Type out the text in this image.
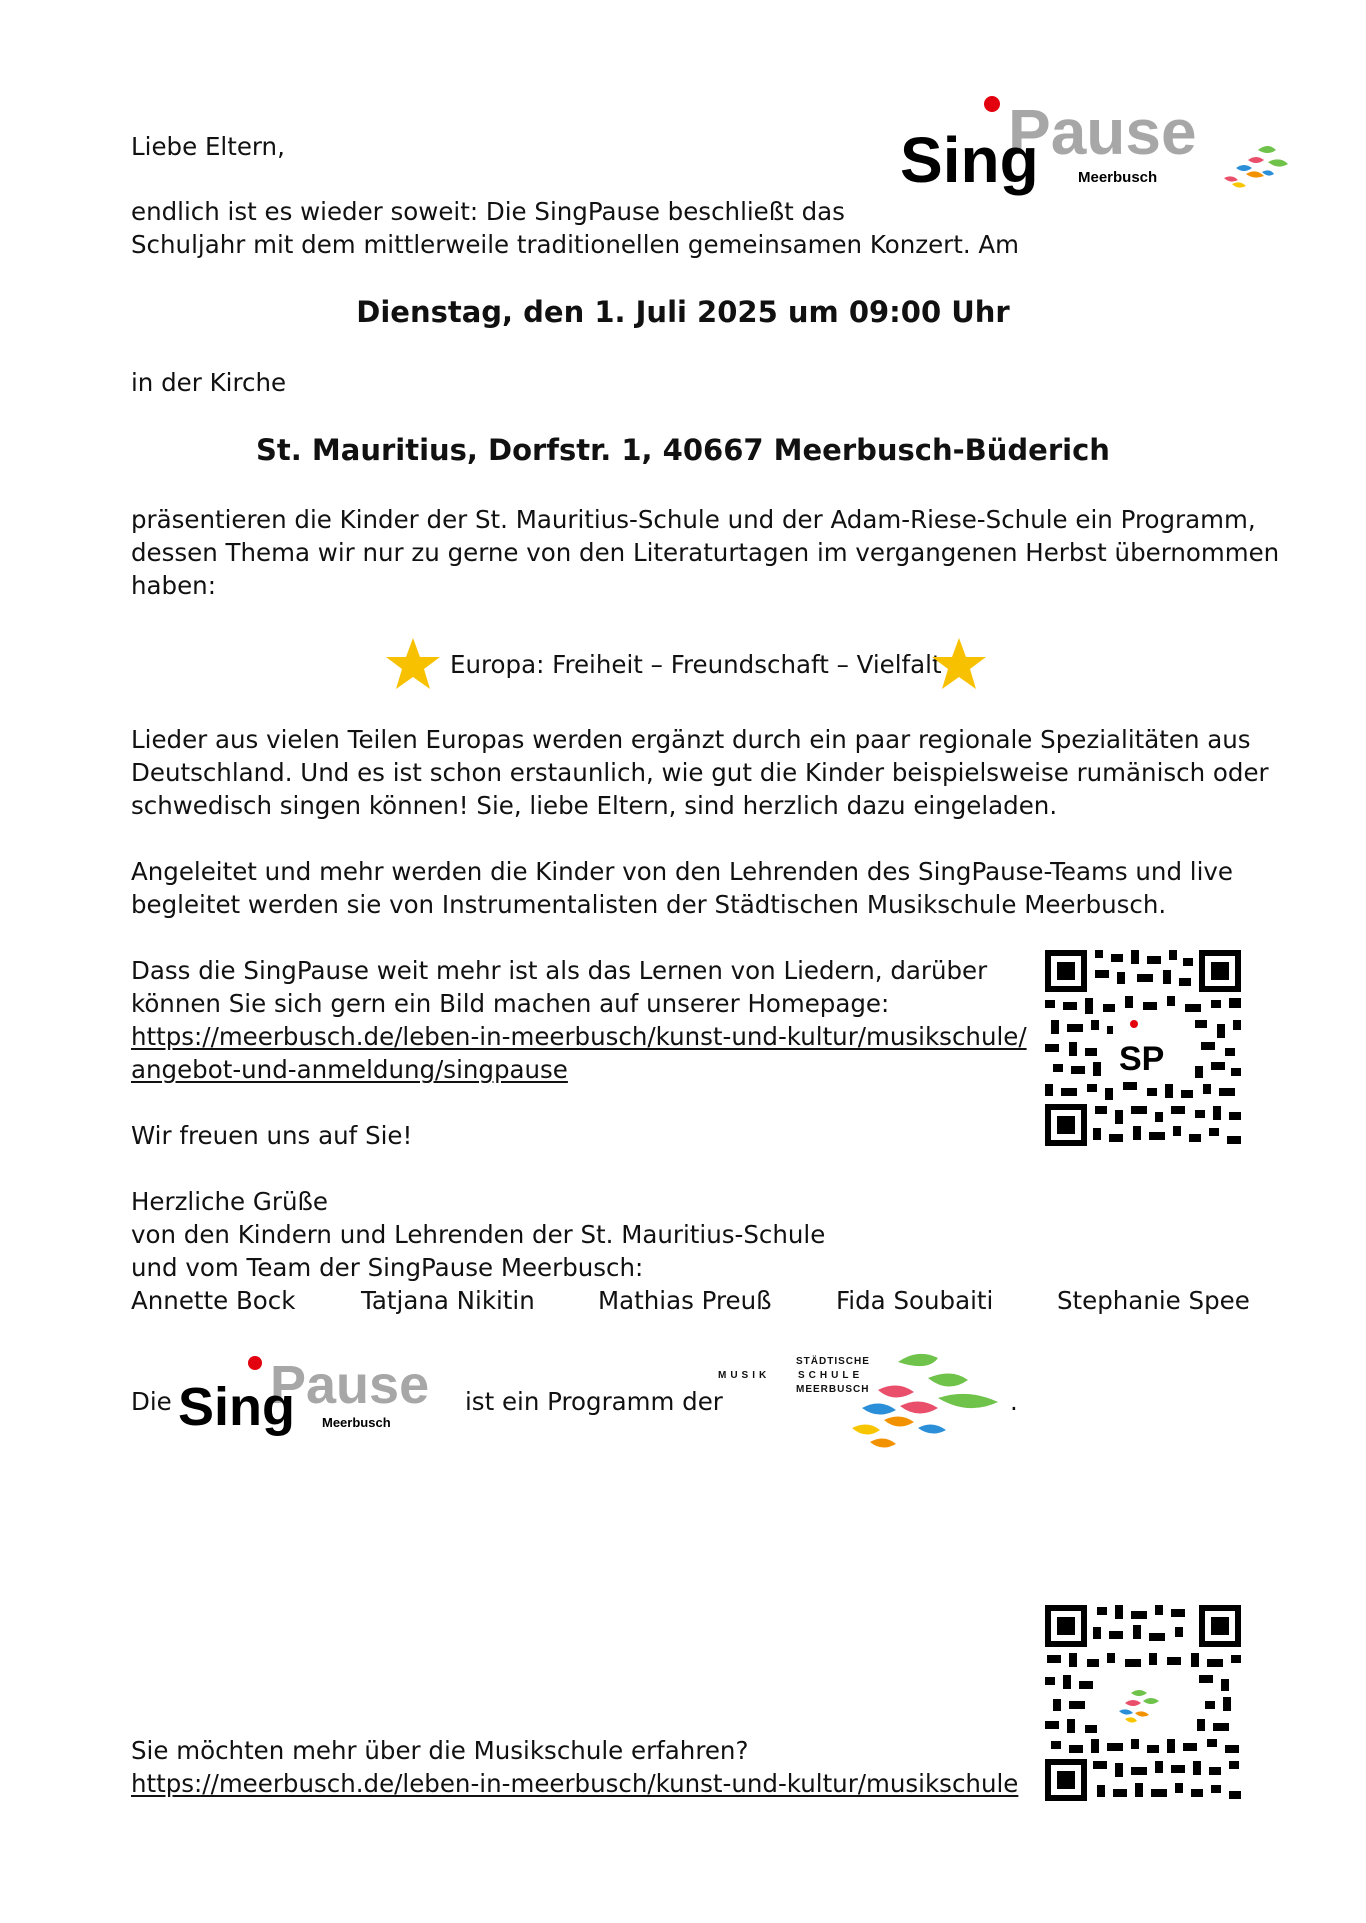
Pause
Sing	Meerbusch
Liebe Eltern,
endlich ist es wieder soweit: Die SingPause beschließt das
Schuljahr mit dem mittlerweile traditionellen gemeinsamen Konzert. Am
Dienstag, den 1. Juli 2025 um 09:00 Uhr
in der Kirche
St. Mauritius, Dorfstr. 1, 40667 Meerbusch-Büderich
präsentieren die Kinder der St. Mauritius-Schule und der Adam-Riese-Schule ein Programm,
dessen Thema wir nur zu gerne von den Literaturtagen im vergangenen Herbst übernommen
haben:
Europa: Freiheit – Freundschaft – Vielfalt
Lieder aus vielen Teilen Europas werden ergänzt durch ein paar regionale Spezialitäten aus
Deutschland. Und es ist schon erstaunlich, wie gut die Kinder beispielsweise rumänisch oder
schwedisch singen können! Sie, liebe Eltern, sind herzlich dazu eingeladen.
Angeleitet und mehr werden die Kinder von den Lehrenden des SingPause-Teams und live
begleitet werden sie von Instrumentalisten der Städtischen Musikschule Meerbusch.
Dass die SingPause weit mehr ist als das Lernen von Liedern, darüber
können Sie sich gern ein Bild machen auf unserer Homepage:
https://meerbusch.de/leben-in-meerbusch/kunst-und-kultur/musikschule/
angebot-und-anmeldung/singpause	SP
Wir freuen uns auf Sie!
Herzliche Grüße
von den Kindern und Lehrenden der St. Mauritius-Schule
und vom Team der SingPause Meerbusch:
Annette Bock	Tatjana Nikitin	Mathias Preuß	Fida Soubaiti	Stephanie Spee
Die Pause
Sing Meerbusch
ist ein Programm der
STÄDTISCHE
MUSIK	SCHULE
MEERBUSCH	.
Sie möchten mehr über die Musikschule erfahren?
https://meerbusch.de/leben-in-meerbusch/kunst-und-kultur/musikschule
